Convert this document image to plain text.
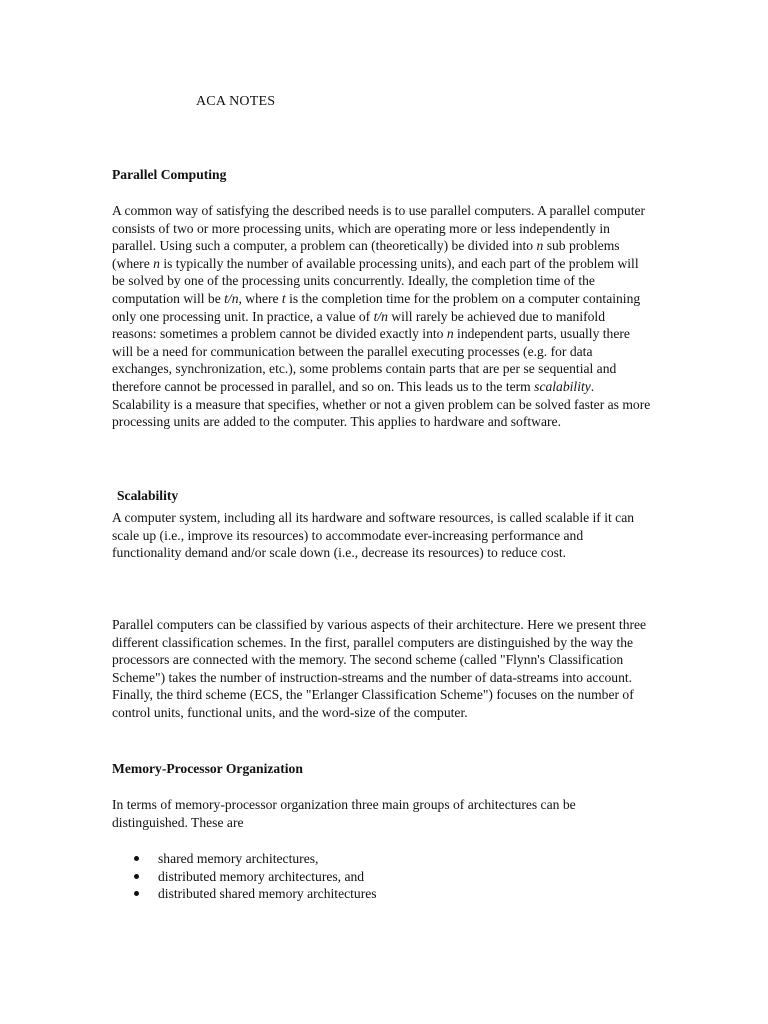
ACA NOTES
Parallel Computing

A common way of satisfying the described needs is to use parallel computers. A parallel computer consists of two or more processing units, which are operating more or less independently in parallel. Using such a computer, a problem can (theoretically) be divided into n sub problems (where n is typically the number of available processing units), and each part of the problem will be solved by one of the processing units concurrently. Ideally, the completion time of the computation will be t/n, where t is the completion time for the problem on a computer containing only one processing unit. In practice, a value of t/n will rarely be achieved due to manifold reasons: sometimes a problem cannot be divided exactly into n independent parts, usually there will be a need for communication between the parallel executing processes (e.g. for data exchanges, synchronization, etc.), some problems contain parts that are per se sequential and therefore cannot be processed in parallel, and so on. This leads us to the term scalability. Scalability is a measure that specifies, whether or not a given problem can be solved faster as more processing units are added to the computer. This applies to hardware and software.

Scalability

A computer system, including all its hardware and software resources, is called scalable if it can scale up (i.e., improve its resources) to accommodate ever-increasing performance and functionality demand and/or scale down (i.e., decrease its resources) to reduce cost.

Parallel computers can be classified by various aspects of their architecture. Here we present three different classification schemes. In the first, parallel computers are distinguished by the way the processors are connected with the memory. The second scheme (called "Flynn's Classification Scheme") takes the number of instruction-streams and the number of data-streams into account. Finally, the third scheme (ECS, the "Erlanger Classification Scheme") focuses on the number of control units, functional units, and the word-size of the computer.

Memory-Processor Organization

In terms of memory-processor organization three main groups of architectures can be distinguished. These are

shared memory architectures,
distributed memory architectures, and
distributed shared memory architectures
